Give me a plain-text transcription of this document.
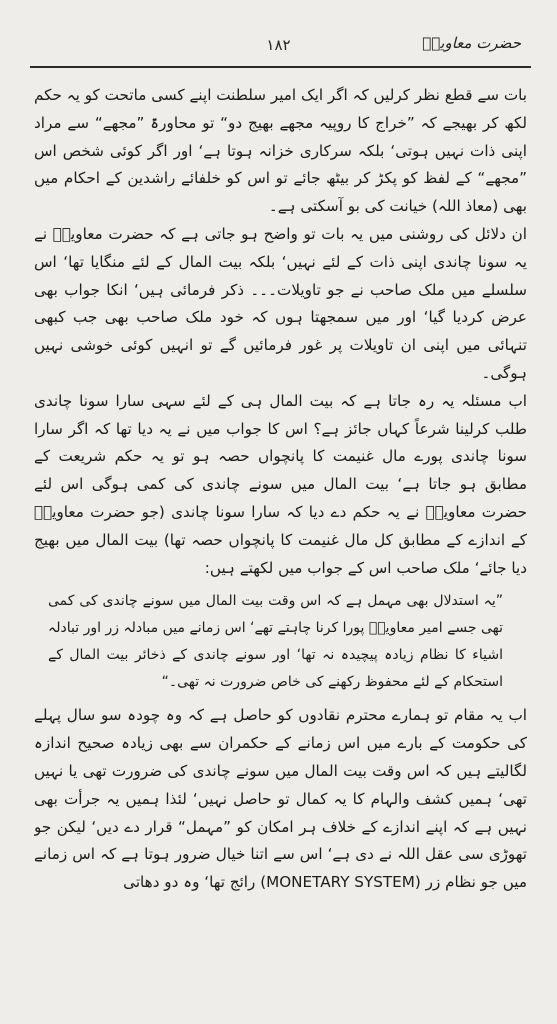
حضرت معاویہؓ
۱۸۲

بات سے قطع نظر کرلیں کہ اگر ایک امیر سلطنت اپنے کسی ماتحت کو یہ حکم لکھ کر بھیجے کہ ”خراج کا روپیہ مجھے بھیج دو“ تو محاورۃً ”مجھے“ سے مراد اپنی ذات نہیں ہوتی‘ بلکہ سرکاری خزانہ ہوتا ہے‘ اور اگر کوئی شخص اس ”مجھے“ کے لفظ کو پکڑ کر بیٹھ جائے تو اس کو خلفائے راشدین کے احکام میں بھی (معاذ اللہ) خیانت کی بو آسکتی ہے۔

ان دلائل کی روشنی میں یہ بات تو واضح ہو جاتی ہے کہ حضرت معاویہؓ نے یہ سونا چاندی اپنی ذات کے لئے نہیں‘ بلکہ بیت المال کے لئے منگایا تھا‘ اس سلسلے میں ملک صاحب نے جو تاویلات۔۔۔ ذکر فرمائی ہیں‘ انکا جواب بھی عرض کردیا گیا‘ اور میں سمجھتا ہوں کہ خود ملک صاحب بھی جب کبھی تنہائی میں اپنی ان تاویلات پر غور فرمائیں گے تو انہیں کوئی خوشی نہیں ہوگی۔

اب مسئلہ یہ رہ جاتا ہے کہ بیت المال ہی کے لئے سہی سارا سونا چاندی طلب کرلینا شرعاً کہاں جائز ہے؟ اس کا جواب میں نے یہ دیا تھا کہ اگر سارا سونا چاندی پورے مال غنیمت کا پانچواں حصہ ہو تو یہ حکم شریعت کے مطابق ہو جاتا ہے‘ بیت المال میں سونے چاندی کی کمی ہوگی اس لئے حضرت معاویہؓ نے یہ حکم دے دیا کہ سارا سونا چاندی (جو حضرت معاویہؓ کے اندازے کے مطابق کل مال غنیمت کا پانچواں حصہ تھا) بیت المال میں بھیج دیا جائے‘ ملک صاحب اس کے جواب میں لکھتے ہیں:

”یہ استدلال بھی مہمل ہے کہ اس وقت بیت المال میں سونے چاندی کی کمی تھی جسے امیر معاویہؓ پورا کرنا چاہتے تھے‘ اس زمانے میں مبادلہ زر اور تبادلہ اشیاء کا نظام زیادہ پیچیدہ نہ تھا‘ اور سونے چاندی کے ذخائر بیت المال کے استحکام کے لئے محفوظ رکھنے کی خاص ضرورت نہ تھی۔“

اب یہ مقام تو ہمارے محترم نقادوں کو حاصل ہے کہ وہ چودہ سو سال پہلے کی حکومت کے بارے میں اس زمانے کے حکمران سے بھی زیادہ صحیح اندازہ لگالیتے ہیں کہ اس وقت بیت المال میں سونے چاندی کی ضرورت تھی یا نہیں تھی‘ ہمیں کشف والہام کا یہ کمال تو حاصل نہیں‘ لئذا ہمیں یہ جرأت بھی نہیں ہے کہ اپنے اندازے کے خلاف ہر امکان کو ”مہمل“ قرار دے دیں‘ لیکن جو تھوڑی سی عقل اللہ نے دی ہے‘ اس سے اتنا خیال ضرور ہوتا ہے کہ اس زمانے میں جو نظام زر (MONETARY SYSTEM) رائج تھا‘ وہ دو دھاتی
